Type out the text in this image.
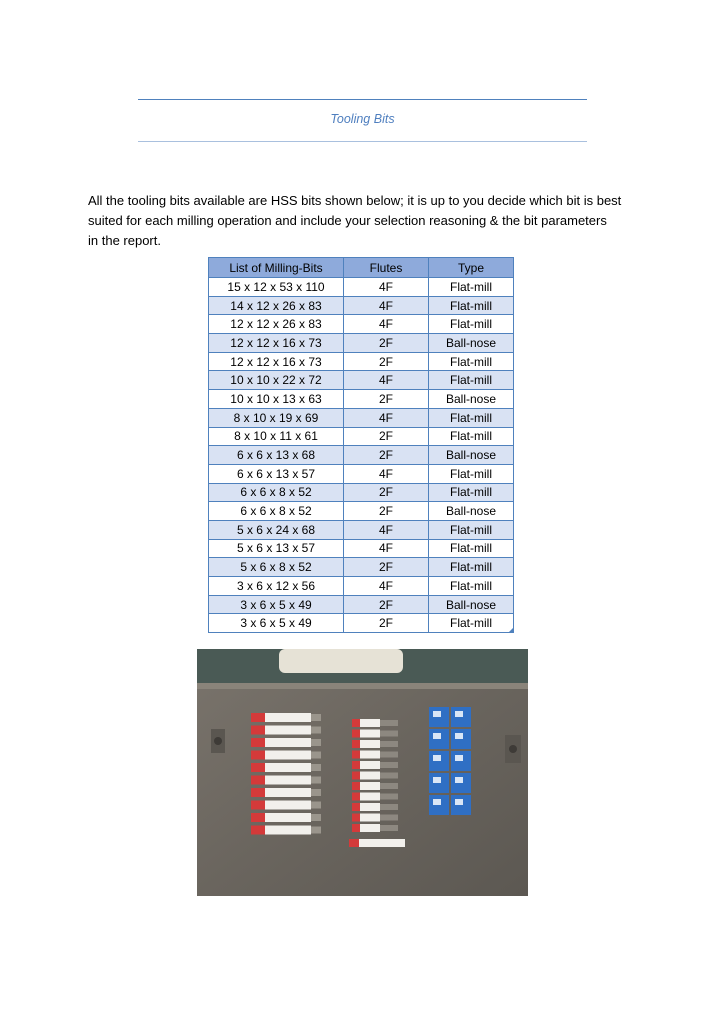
Tooling Bits
All the tooling bits available are HSS bits shown below; it is up to you decide which bit is best
suited for each milling operation and include your selection reasoning & the bit parameters
in the report.
List of Milling-Bits	Flutes	Type
15 x 12 x 53 x 110	4F	Flat-mill
14 x 12 x 26 x 83	4F	Flat-mill
12 x 12 x 26 x 83	4F	Flat-mill
12 x 12 x 16 x 73	2F	Ball-nose
12 x 12 x 16 x 73	2F	Flat-mill
10 x 10 x 22 x 72	4F	Flat-mill
10 x 10 x 13 x 63	2F	Ball-nose
8 x 10 x 19 x 69	4F	Flat-mill
8 x 10 x 11 x 61	2F	Flat-mill
6 x 6 x 13 x 68	2F	Ball-nose
6 x 6 x 13 x 57	4F	Flat-mill
6 x 6 x 8 x 52	2F	Flat-mill
6 x 6 x 8 x 52	2F	Ball-nose
5 x 6 x 24 x 68	4F	Flat-mill
5 x 6 x 13 x 57	4F	Flat-mill
5 x 6 x 8 x 52	2F	Flat-mill
3 x 6 x 12 x 56	4F	Flat-mill
3 x 6 x 5 x 49	2F	Ball-nose
3 x 6 x 5 x 49	2F	Flat-mill
